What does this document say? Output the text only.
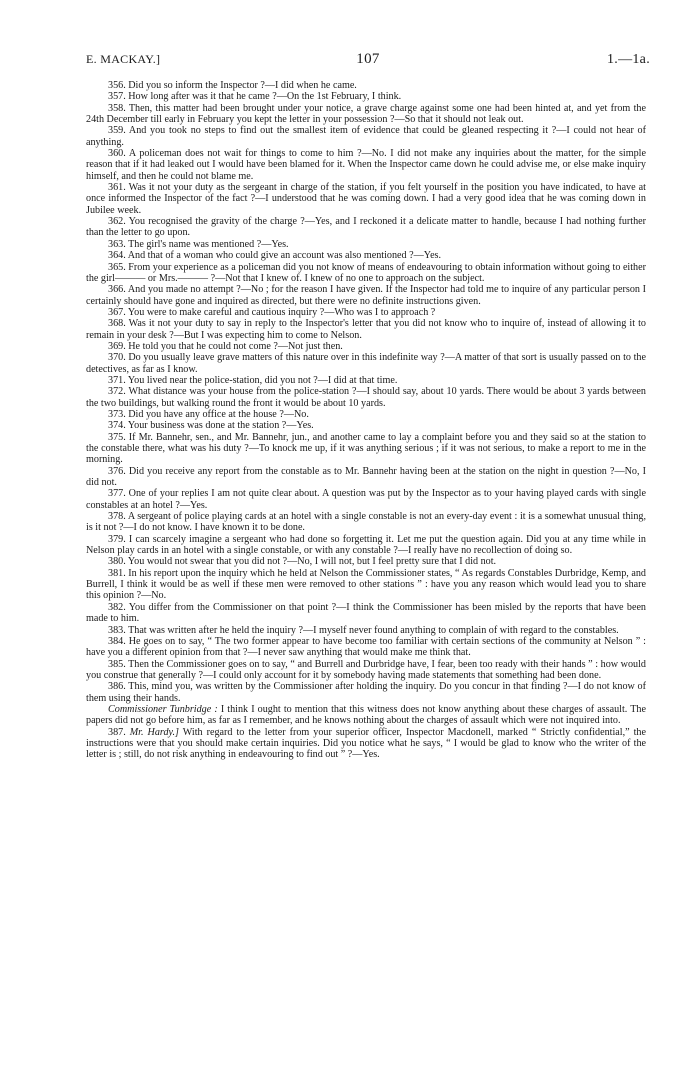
E. MACKAY.]	107	1.—1a.

356. Did you so inform the Inspector ?—I did when he came.

357. How long after was it that he came ?—On the 1st February, I think.

358. Then, this matter had been brought under your notice, a grave charge against some one had been hinted at, and yet from the 24th December till early in February you kept the letter in your possession ?—So that it should not leak out.

359. And you took no steps to find out the smallest item of evidence that could be gleaned respecting it ?—I could not hear of anything.

360. A policeman does not wait for things to come to him ?—No. I did not make any inquiries about the matter, for the simple reason that if it had leaked out I would have been blamed for it. When the Inspector came down he could advise me, or else make inquiry himself, and then he could not blame me.

361. Was it not your duty as the sergeant in charge of the station, if you felt yourself in the position you have indicated, to have at once informed the Inspector of the fact ?—I understood that he was coming down. I had a very good idea that he was coming down in Jubilee week.

362. You recognised the gravity of the charge ?—Yes, and I reckoned it a delicate matter to handle, because I had nothing further than the letter to go upon.

363. The girl's name was mentioned ?—Yes.

364. And that of a woman who could give an account was also mentioned ?—Yes.

365. From your experience as a policeman did you not know of means of endeavouring to obtain information without going to either the girl——— or Mrs.——— ?—Not that I knew of. I knew of no one to approach on the subject.

366. And you made no attempt ?—No ; for the reason I have given. If the Inspector had told me to inquire of any particular person I certainly should have gone and inquired as directed, but there were no definite instructions given.

367. You were to make careful and cautious inquiry ?—Who was I to approach ?

368. Was it not your duty to say in reply to the Inspector's letter that you did not know who to inquire of, instead of allowing it to remain in your desk ?—But I was expecting him to come to Nelson.

369. He told you that he could not come ?—Not just then.

370. Do you usually leave grave matters of this nature over in this indefinite way ?—A matter of that sort is usually passed on to the detectives, as far as I know.

371. You lived near the police-station, did you not ?—I did at that time.

372. What distance was your house from the police-station ?—I should say, about 10 yards. There would be about 3 yards between the two buildings, but walking round the front it would be about 10 yards.

373. Did you have any office at the house ?—No.

374. Your business was done at the station ?—Yes.

375. If Mr. Bannehr, sen., and Mr. Bannehr, jun., and another came to lay a complaint before you and they said so at the station to the constable there, what was his duty ?—To knock me up, if it was anything serious ; if it was not serious, to make a report to me in the morning.

376. Did you receive any report from the constable as to Mr. Bannehr having been at the station on the night in question ?—No, I did not.

377. One of your replies I am not quite clear about. A question was put by the Inspector as to your having played cards with single constables at an hotel ?—Yes.

378. A sergeant of police playing cards at an hotel with a single constable is not an every-day event : it is a somewhat unusual thing, is it not ?—I do not know. I have known it to be done.

379. I can scarcely imagine a sergeant who had done so forgetting it. Let me put the question again. Did you at any time while in Nelson play cards in an hotel with a single constable, or with any constable ?—I really have no recollection of doing so.

380. You would not swear that you did not ?—No, I will not, but I feel pretty sure that I did not.

381. In his report upon the inquiry which he held at Nelson the Commissioner states, “ As regards Constables Durbridge, Kemp, and Burrell, I think it would be as well if these men were removed to other stations ” : have you any reason which would lead you to share this opinion ?—No.

382. You differ from the Commissioner on that point ?—I think the Commissioner has been misled by the reports that have been made to him.

383. That was written after he held the inquiry ?—I myself never found anything to complain of with regard to the constables.

384. He goes on to say, “ The two former appear to have become too familiar with certain sections of the community at Nelson ” : have you a different opinion from that ?—I never saw anything that would make me think that.

385. Then the Commissioner goes on to say, “ and Burrell and Durbridge have, I fear, been too ready with their hands ” : how would you construe that generally ?—I could only account for it by somebody having made statements that something had been done.

386. This, mind you, was written by the Commissioner after holding the inquiry. Do you concur in that finding ?—I do not know of them using their hands.

Commissioner Tunbridge : I think I ought to mention that this witness does not know anything about these charges of assault. The papers did not go before him, as far as I remember, and he knows nothing about the charges of assault which were not inquired into.

387. Mr. Hardy.] With regard to the letter from your superior officer, Inspector Macdonell, marked “ Strictly confidential,” the instructions were that you should make certain inquiries. Did you notice what he says, “ I would be glad to know who the writer of the letter is ; still, do not risk anything in endeavouring to find out ” ?—Yes.
